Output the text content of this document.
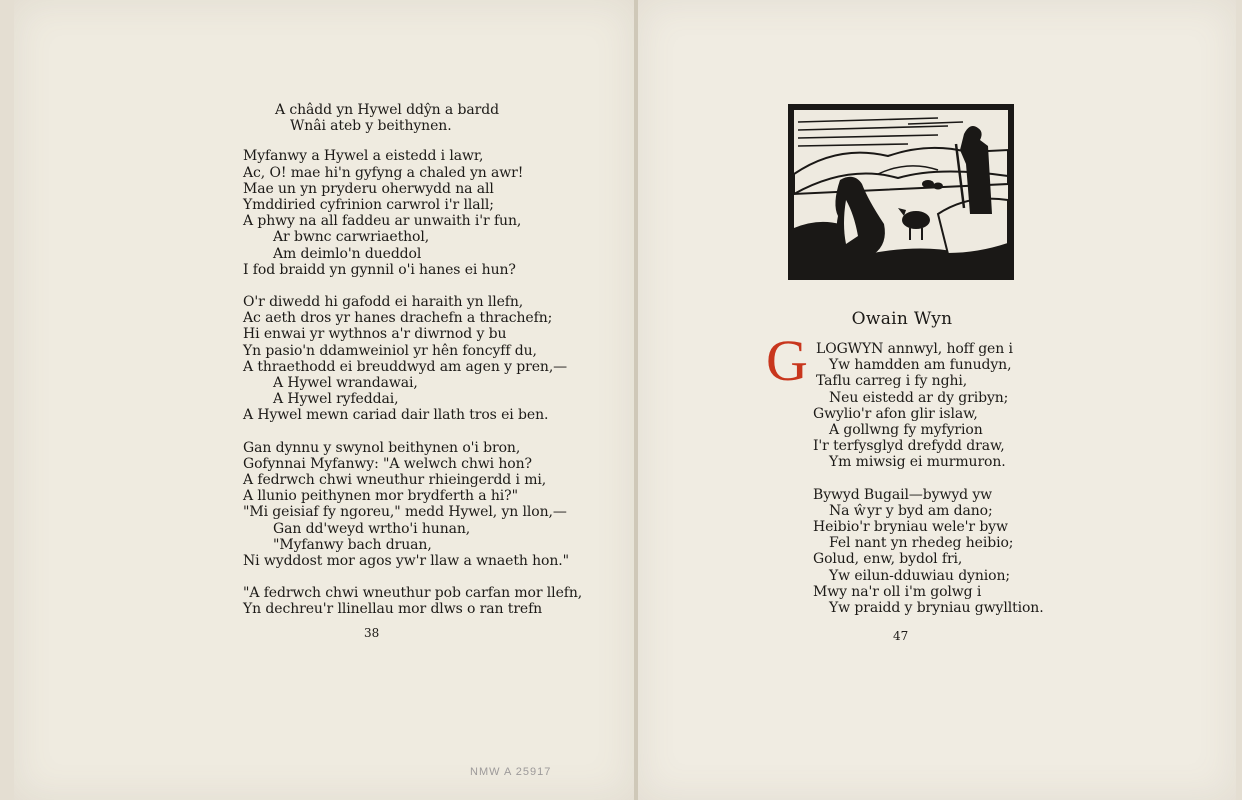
A châdd yn Hywel ddŷn a bardd
Wnâi ateb y beithynen.
Myfanwy a Hywel a eistedd i lawr,
Ac, O! mae hi'n gyfyng a chaled yn awr!
Mae un yn pryderu oherwydd na all
Ymddiried cyfrinion carwrol i'r llall;
A phwy na all faddeu ar unwaith i'r fun,
Ar bwnc carwriaethol,
Am deimlo'n dueddol
I fod braidd yn gynnil o'i hanes ei hun?
O'r diwedd hi gafodd ei haraith yn llefn,
Ac aeth dros yr hanes drachefn a thrachefn;
Hi enwai yr wythnos a'r diwrnod y bu
Yn pasio'n ddamweiniol yr hên foncyff du,
A thraethodd ei breuddwyd am agen y pren,—
A Hywel wrandawai,
A Hywel ryfeddai,
A Hywel mewn cariad dair llath tros ei ben.
Gan dynnu y swynol beithynen o'i bron,
Gofynnai Myfanwy: "A welwch chwi hon?
A fedrwch chwi wneuthur rhieingerdd i mi,
A llunio peithynen mor brydferth a hi?"
"Mi geisiaf fy ngoreu," medd Hywel, yn llon,—
Gan dd'weyd wrtho'i hunan,
"Myfanwy bach druan,
Ni wyddost mor agos yw'r llaw a wnaeth hon."
"A fedrwch chwi wneuthur pob carfan mor llefn,
Yn dechreu'r llinellau mor dlws o ran trefn
38
Owain Wyn
G LOGWYN annwyl, hoff gen i
Yw hamdden am funudyn,
Taflu carreg i fy nghi,
Neu eistedd ar dy gribyn;
Gwylio'r afon glir islaw,
A gollwng fy myfyrion
I'r terfysglyd drefydd draw,
Ym miwsig ei murmuron.
Bywyd Bugail—bywyd yw
Na ŵyr y byd am dano;
Heibio'r bryniau wele'r byw
Fel nant yn rhedeg heibio;
Golud, enw, bydol fri,
Yw eilun-dduwiau dynion;
Mwy na'r oll i'm golwg i
Yw praidd y bryniau gwylltion.
47
NMW A 25917
